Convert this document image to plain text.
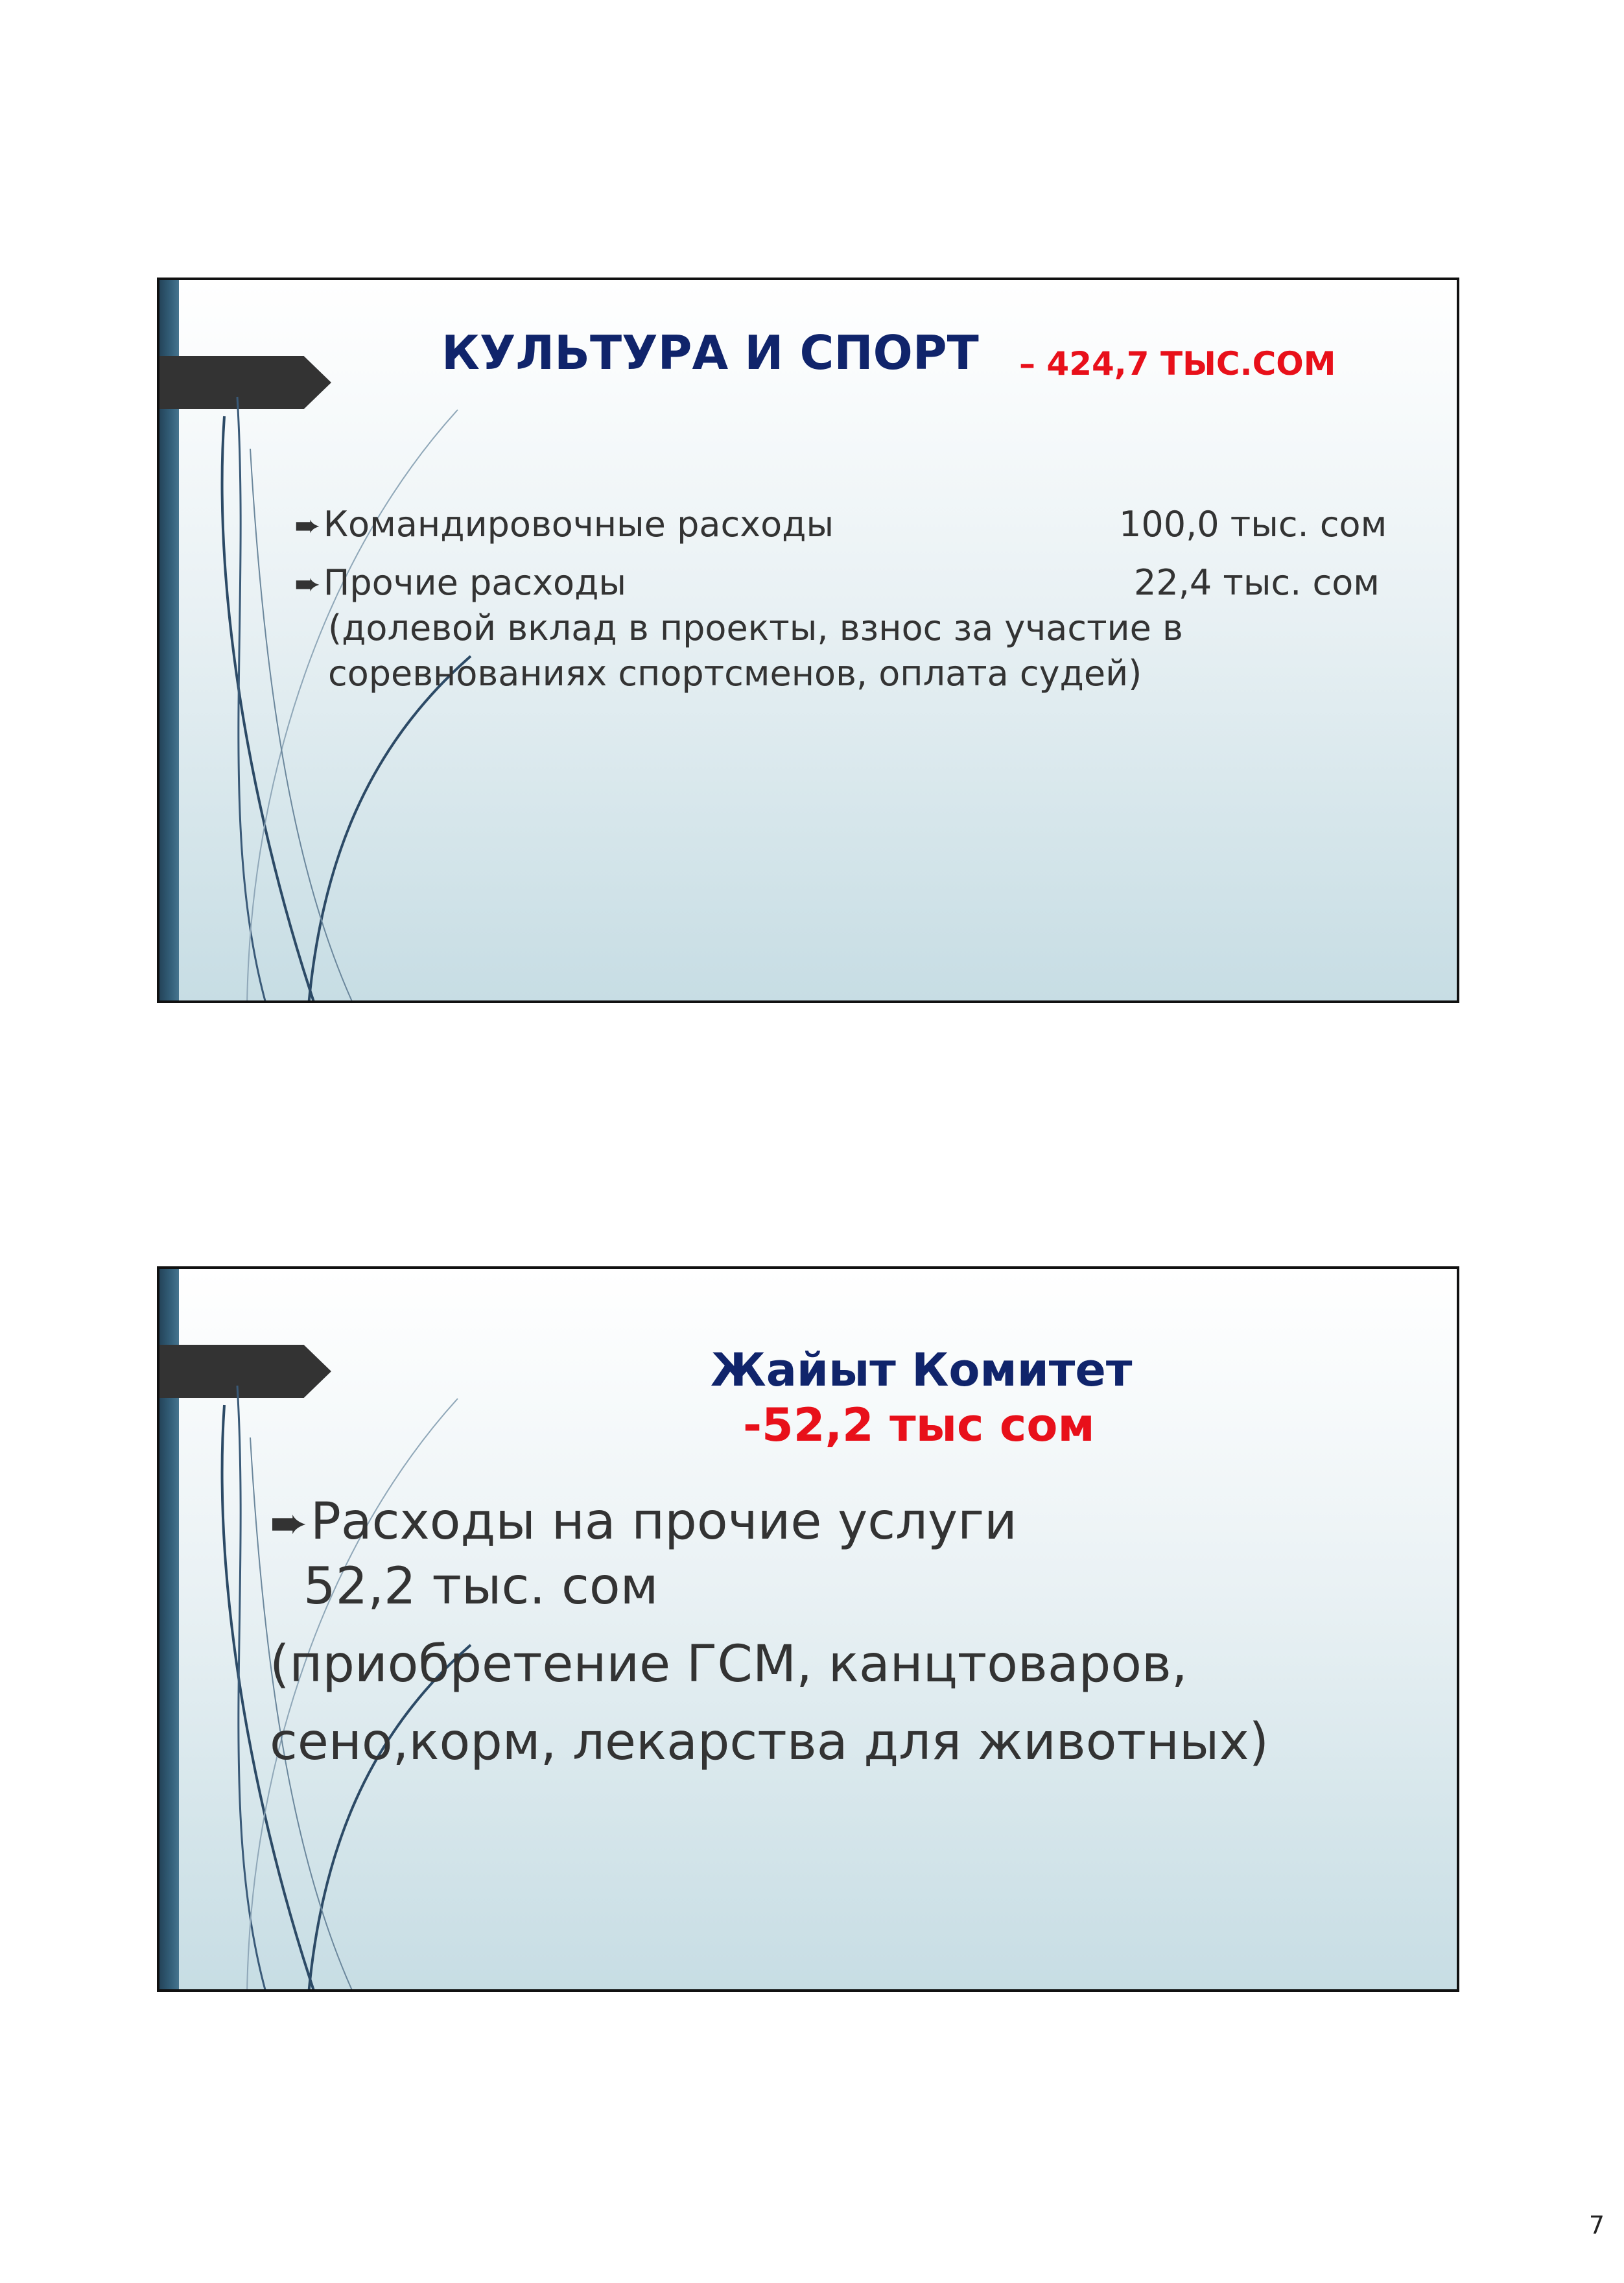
КУЛЬТУРА И СПОРТ – 424,7 ТЫС.СОМ
➨Командировочные расходы	100,0 тыс. сом
➨Прочие расходы	22,4 тыс. сом
(долевой вклад в проекты, взнос за участие в
соревнованиях спортсменов, оплата судей)
Жайыт Комитет
-52,2 тыс сом
➨Расходы на прочие услуги
52,2 тыс. сом
(приобретение ГСМ, канцтоваров,
сено,корм, лекарства для животных)
7
